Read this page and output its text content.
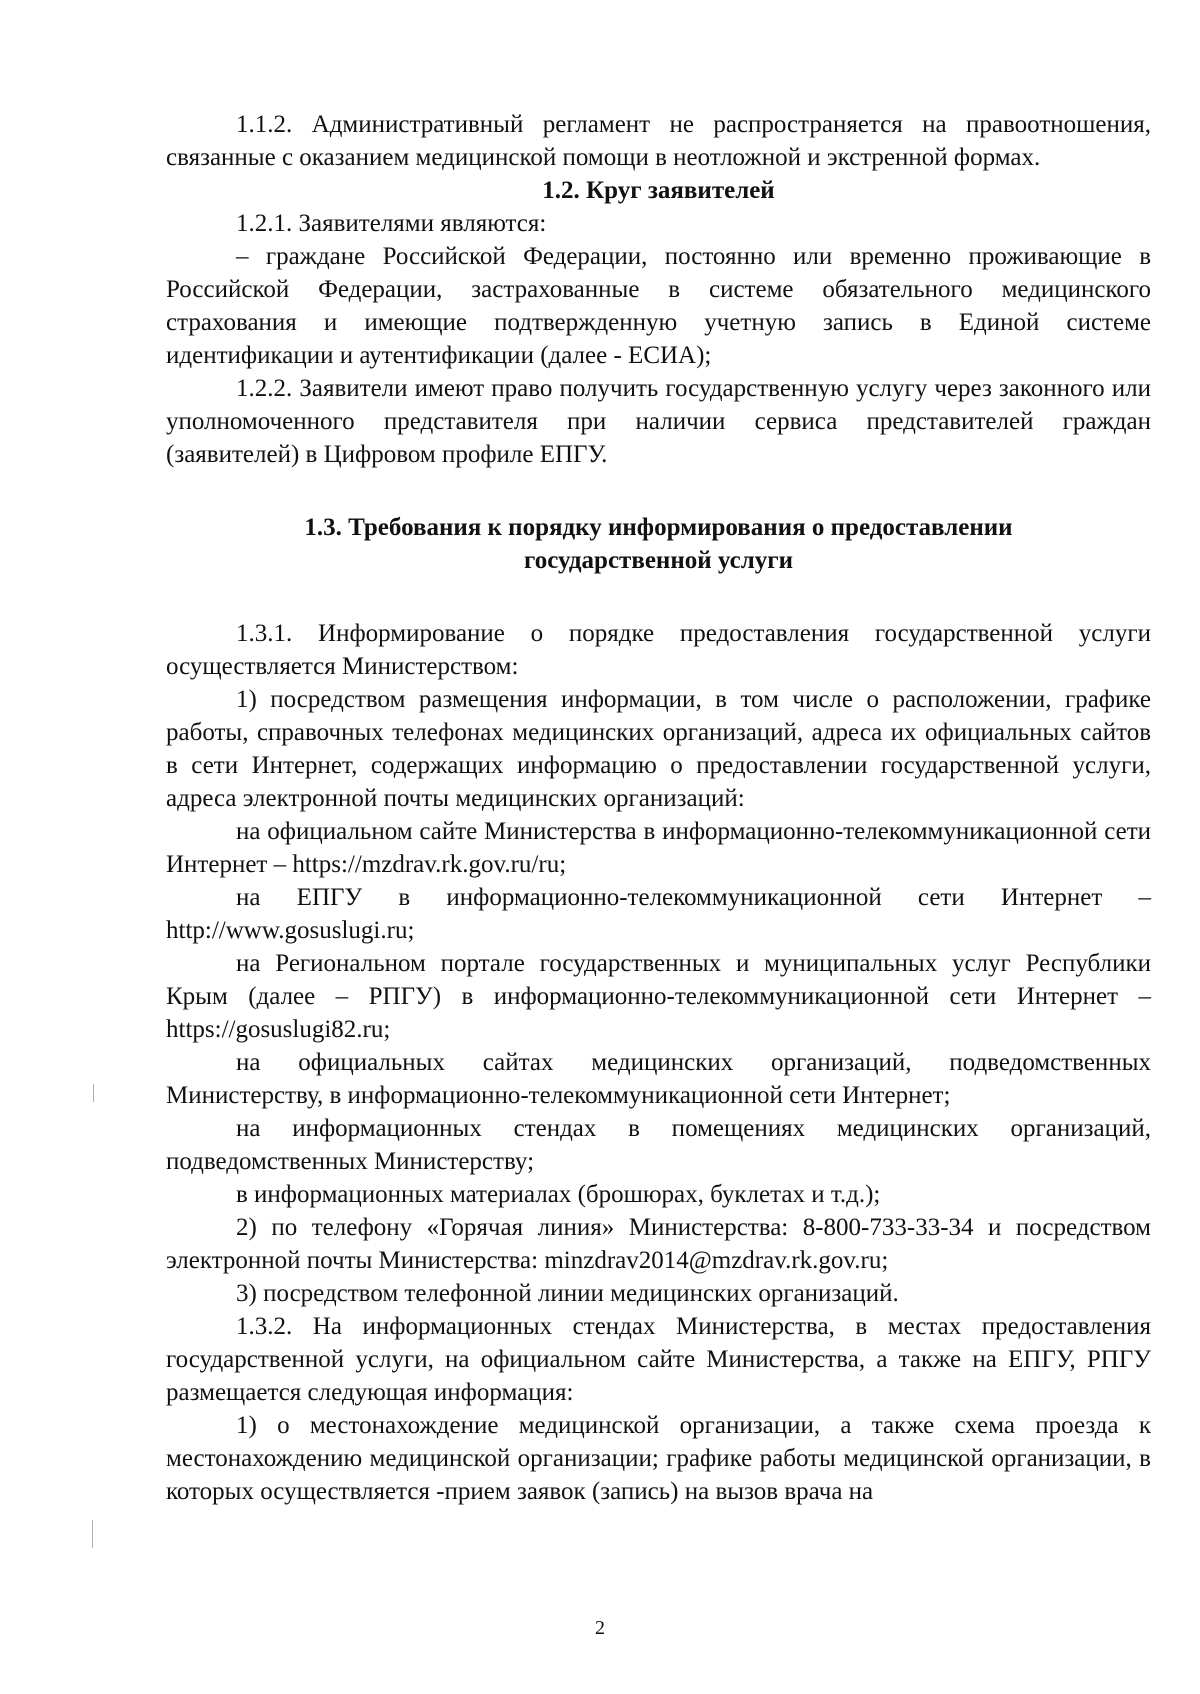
1.1.2. Административный регламент не распространяется на правоотношения, связанные с оказанием медицинской помощи в неотложной и экстренной формах.

1.2. Круг заявителей

1.2.1. Заявителями являются:

– граждане Российской Федерации, постоянно или временно проживающие в Российской Федерации, застрахованные в системе обязательного медицинского страхования и имеющие подтвержденную учетную запись в Единой системе идентификации и аутентификации (далее - ЕСИА);

1.2.2. Заявители имеют право получить государственную услугу через законного или уполномоченного представителя при наличии сервиса представителей граждан (заявителей) в Цифровом профиле ЕПГУ.

1.3. Требования к порядку информирования о предоставлении
государственной услуги

1.3.1. Информирование о порядке предоставления государственной услуги осуществляется Министерством:

1) посредством размещения информации, в том числе о расположении, графике работы, справочных телефонах медицинских организаций, адреса их официальных сайтов в сети Интернет, содержащих информацию о предоставлении государственной услуги, адреса электронной почты медицинских организаций:

на официальном сайте Министерства в информационно-телекоммуникационной сети Интернет – https://mzdrav.rk.gov.ru/ru;

на ЕПГУ в информационно-телекоммуникационной сети Интернет – http://www.gosuslugi.ru;

на Региональном портале государственных и муниципальных услуг Республики Крым (далее – РПГУ) в информационно-телекоммуникационной сети Интернет – https://gosuslugi82.ru;

на официальных сайтах медицинских организаций, подведомственных Министерству, в информационно-телекоммуникационной сети Интернет;

на информационных стендах в помещениях медицинских организаций, подведомственных Министерству;

в информационных материалах (брошюрах, буклетах и т.д.);

2) по телефону «Горячая линия» Министерства: 8-800-733-33-34 и посредством электронной почты Министерства: minzdrav2014@mzdrav.rk.gov.ru;

3) посредством телефонной линии медицинских организаций.

1.3.2. На информационных стендах Министерства, в местах предоставления государственной услуги, на официальном сайте Министерства, а также на ЕПГУ, РПГУ размещается следующая информация:

1) о местонахождение медицинской организации, а также схема проезда к местонахождению медицинской организации; графике работы медицинской организации, в которых осуществляется -прием заявок (запись) на вызов врача на

2
